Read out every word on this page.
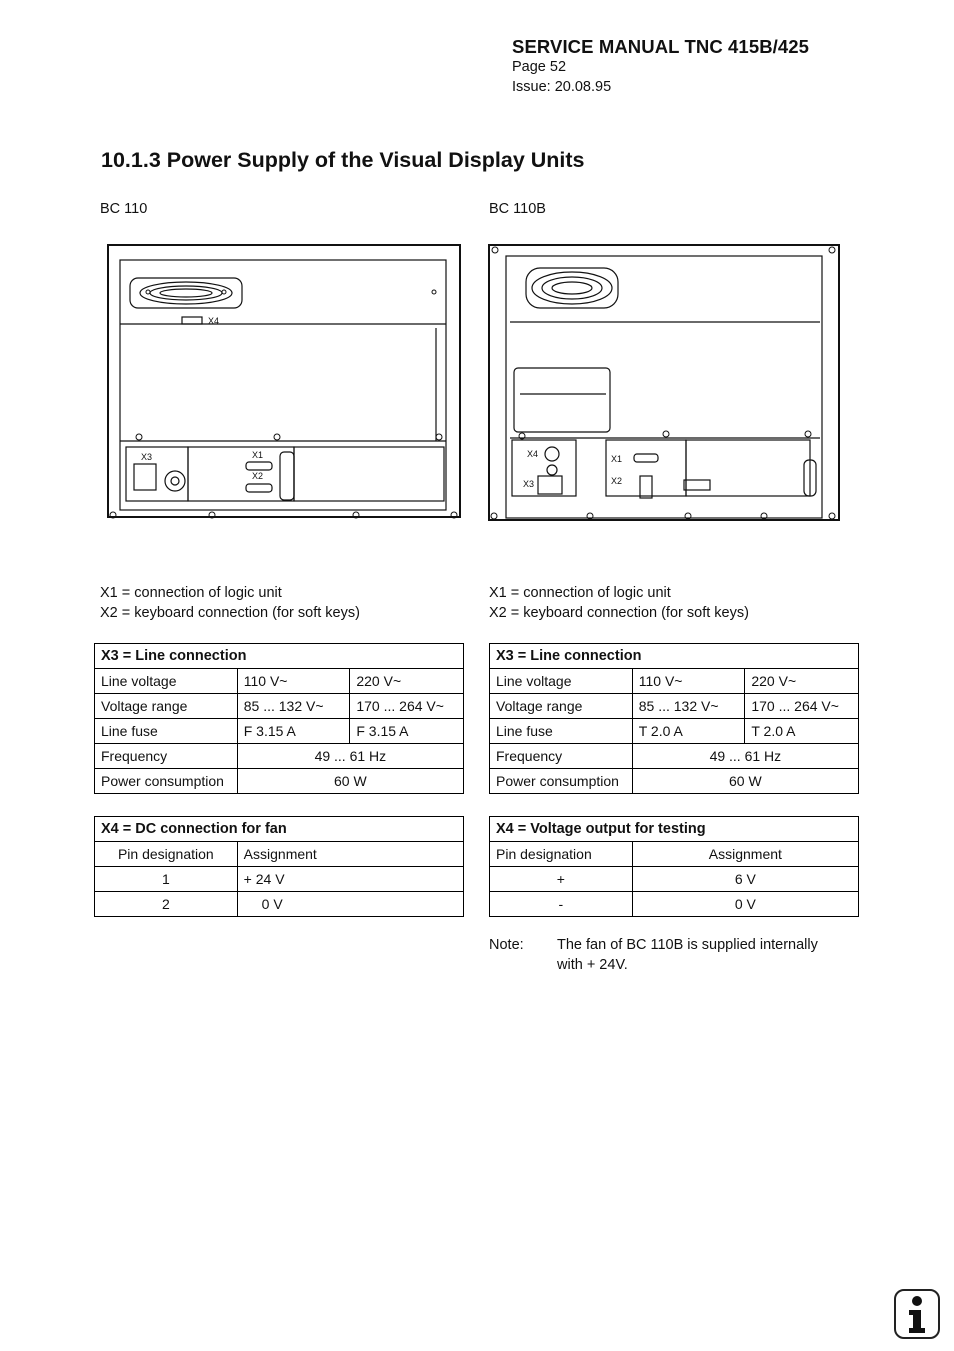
SERVICE MANUAL TNC 415B/425
Page 52
Issue: 20.08.95
10.1.3 Power Supply of the Visual Display Units
BC 110	BC 110B
X4
X3	X1
X2
X4
X3
X1
X2
X1 = connection of logic unit
X2 = keyboard connection (for soft keys)
X1 = connection of logic unit
X2 = keyboard connection (for soft keys)
X3 = Line connection		
Line voltage	110 V~	220 V~
Voltage range	85 ... 132 V~	170 ... 264 V~
Line fuse	F 3.15 A	F 3.15 A
Frequency	49 ... 61 Hz	
Power consumption	60 W	
X3 = Line connection		
Line voltage	110 V~	220 V~
Voltage range	85 ... 132 V~	170 ... 264 V~
Line fuse	T 2.0 A	T 2.0 A
Frequency	49 ... 61 Hz	
Power consumption	60 W	
X4 = DC connection for fan	
Pin designation	Assignment
1	+ 24 V
2	0 V
X4 = Voltage output for testing	
Pin designation	Assignment
+	6 V
-	0 V
Note: The fan of BC 110B is supplied internally
with + 24V.
